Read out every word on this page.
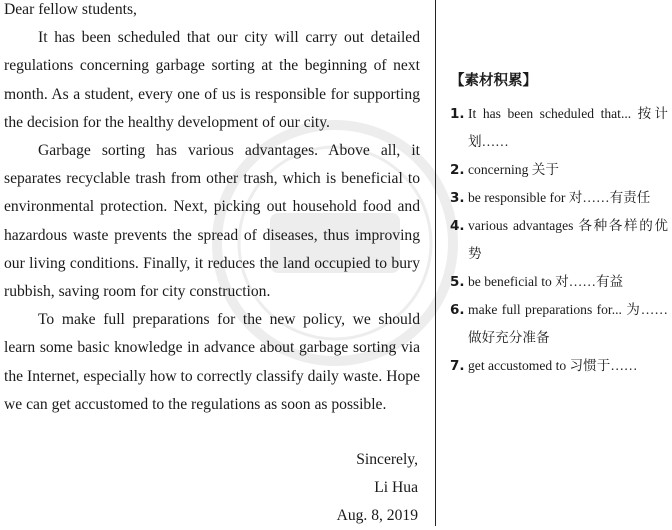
Dear fellow students,

It has been scheduled that our city will carry out detailed regulations concerning garbage sorting at the beginning of next month. As a student, every one of us is responsible for supporting the decision for the healthy development of our city.

Garbage sorting has various advantages. Above all, it separates recyclable trash from other trash, which is beneficial to environmental protection. Next, picking out household food and hazardous waste prevents the spread of diseases, thus improving our living conditions. Finally, it reduces the land occupied to bury rubbish, saving room for city construction.

To make full preparations for the new policy, we should learn some basic knowledge in advance about garbage sorting via the Internet, especially how to correctly classify daily waste. Hope we can get accustomed to the regulations as soon as possible.

Sincerely,
Li Hua
Aug. 8, 2019
【素材积累】
1. It has been scheduled that... 按计划……
2. concerning 关于
3. be responsible for 对……有责任
4. various advantages 各种各样的优势
5. be beneficial to 对……有益
6. make full preparations for... 为……做好充分准备
7. get accustomed to 习惯于……
